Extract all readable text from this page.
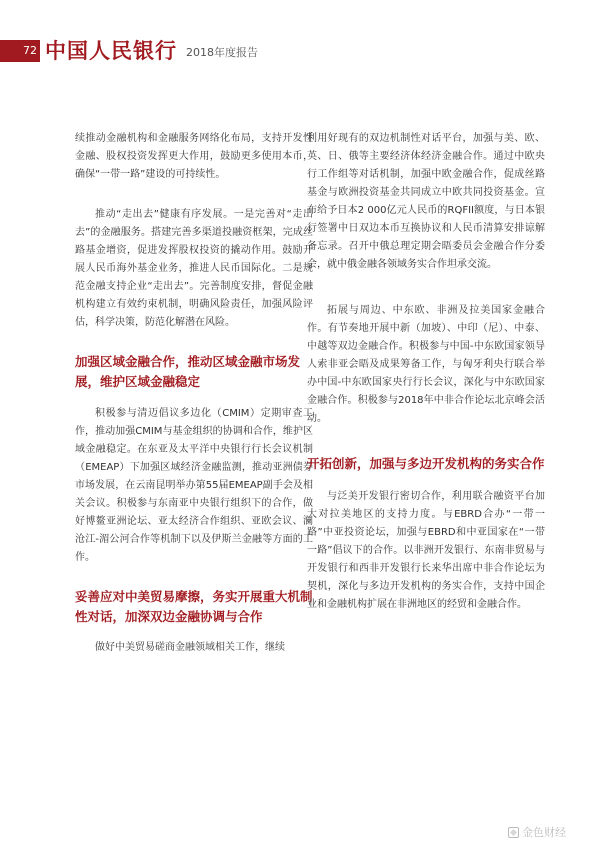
72 中国人民银行 2018年度报告

续推动金融机构和金融服务网络化布局，支持开发性金融、股权投资发挥更大作用，鼓励更多使用本币，确保“一带一路”建设的可持续性。

推动“走出去”健康有序发展。一是完善对“走出去”的金融服务。搭建完善多渠道投融资框架，完成丝路基金增资，促进发挥股权投资的撬动作用。鼓励开展人民币海外基金业务，推进人民币国际化。二是规范金融支持企业“走出去”。完善制度安排，督促金融机构建立有效约束机制，明确风险责任，加强风险评估，科学决策，防范化解潜在风险。

加强区域金融合作，推动区域金融市场发展，维护区域金融稳定

积极参与清迈倡议多边化（CMIM）定期审查工作，推动加强CMIM与基金组织的协调和合作，维护区域金融稳定。在东亚及太平洋中央银行行长会议机制（EMEAP）下加强区域经济金融监测，推动亚洲债券市场发展，在云南昆明举办第55届EMEAP副手会及相关会议。积极参与东南亚中央银行组织下的合作，做好博鳌亚洲论坛、亚太经济合作组织、亚欧会议、澜沧江-湄公河合作等机制下以及伊斯兰金融等方面的工作。

妥善应对中美贸易摩擦，务实开展重大机制性对话，加深双边金融协调与合作

做好中美贸易磋商金融领域相关工作，继续

利用好现有的双边机制性对话平台，加强与美、欧、英、日、俄等主要经济体经济金融合作。通过中欧央行工作组等对话机制，加强中欧金融合作，促成丝路基金与欧洲投资基金共同成立中欧共同投资基金。宣布给予日本2 000亿元人民币的RQFII额度，与日本银行签署中日双边本币互换协议和人民币清算安排谅解备忘录。召开中俄总理定期会晤委员会金融合作分委会，就中俄金融各领域务实合作坦承交流。

拓展与周边、中东欧、非洲及拉美国家金融合作。有节奏地开展中新（加坡）、中印（尼）、中泰、中越等双边金融合作。积极参与中国-中东欧国家领导人索非亚会晤及成果筹备工作，与匈牙利央行联合举办中国-中东欧国家央行行长会议，深化与中东欧国家金融合作。积极参与2018年中非合作论坛北京峰会活动。

开拓创新，加强与多边开发机构的务实合作

与泛美开发银行密切合作，利用联合融资平台加大对拉美地区的支持力度。与EBRD合办“一带一路”中亚投资论坛，加强与EBRD和中亚国家在“一带一路”倡议下的合作。以非洲开发银行、东南非贸易与开发银行和西非开发银行长来华出席中非合作论坛为契机，深化与多边开发机构的务实合作，支持中国企业和金融机构扩展在非洲地区的经贸和金融合作。

金色财经
